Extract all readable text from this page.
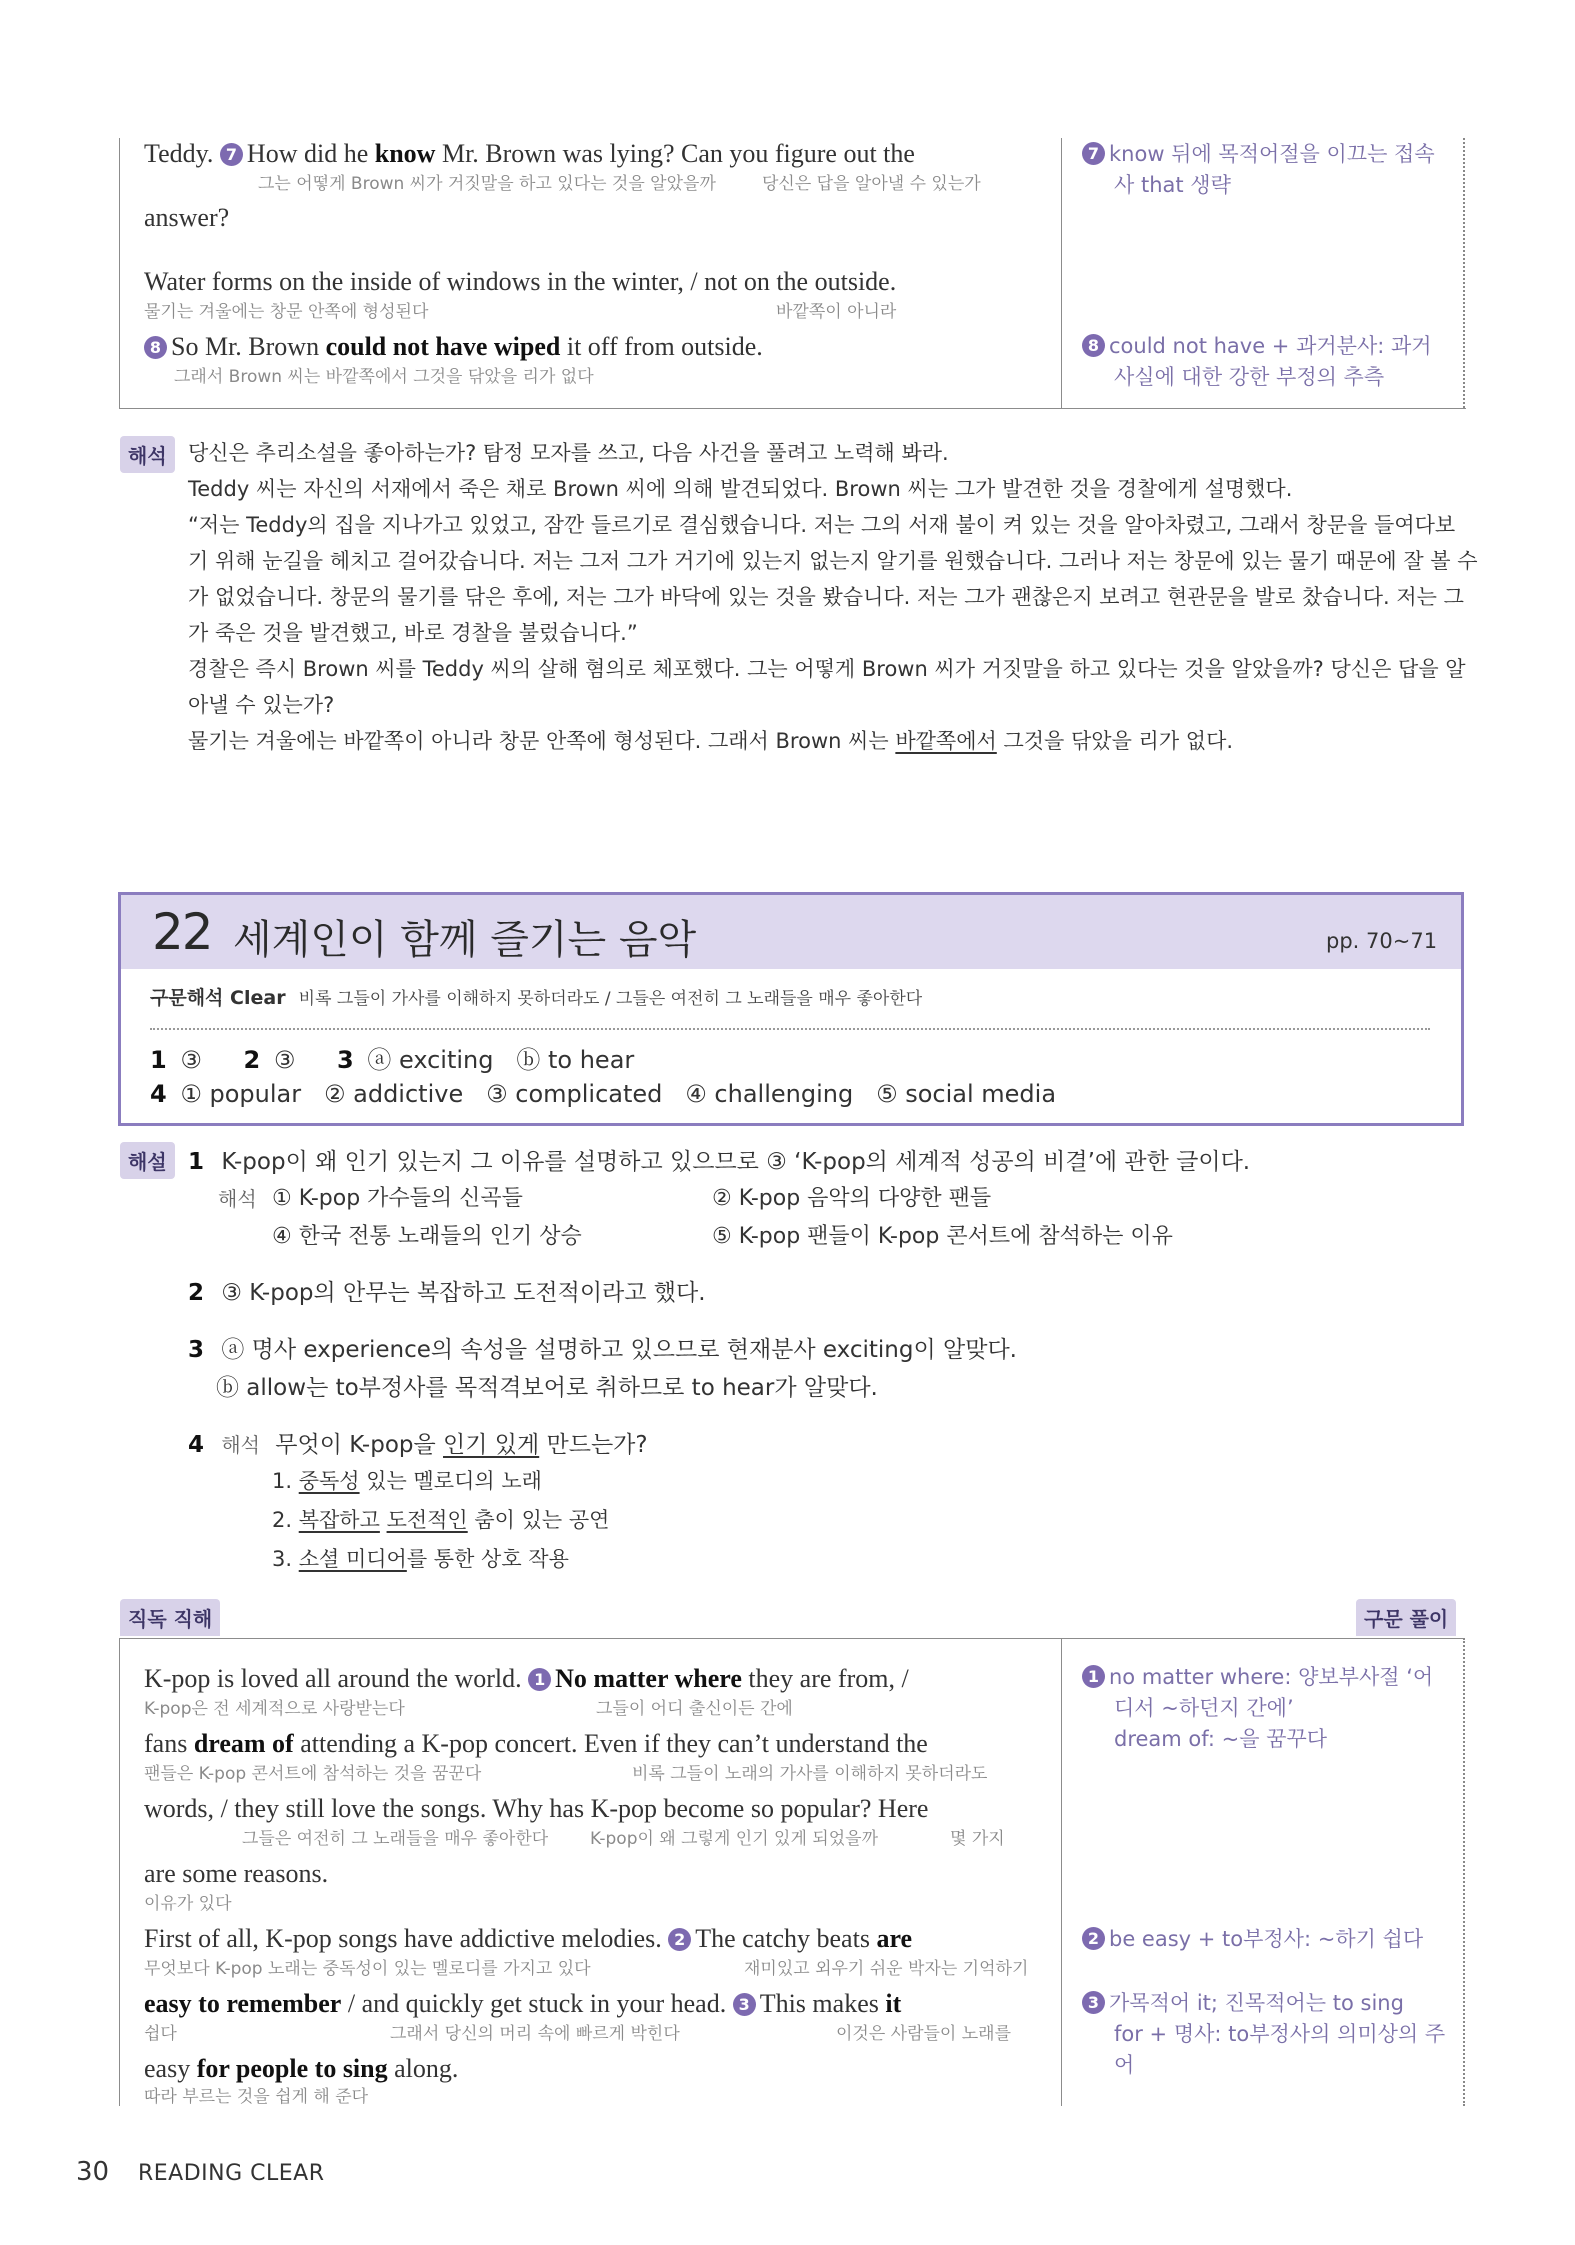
Teddy. 7 How did he know Mr. Brown was lying? Can you figure out the
그는 어떻게 Brown 씨가 거짓말을 하고 있다는 것을 알았을까	당신은 답을 알아낼 수 있는가
answer?
Water forms on the inside of windows in the winter, / not on the outside.
물기는 겨울에는 창문 안쪽에 형성된다	바깥쪽이 아니라
8 So Mr. Brown could not have wiped it off from outside.
그래서 Brown 씨는 바깥쪽에서 그것을 닦았을 리가 없다
7 know 뒤에 목적어절을 이끄는 접속
사 that 생략
8 could not have + 과거분사: 과거
사실에 대한 강한 부정의 추측
해석	당신은 추리소설을 좋아하는가? 탐정 모자를 쓰고, 다음 사건을 풀려고 노력해 봐라.
Teddy 씨는 자신의 서재에서 죽은 채로 Brown 씨에 의해 발견되었다. Brown 씨는 그가 발견한 것을 경찰에게 설명했다.
“저는 Teddy의 집을 지나가고 있었고, 잠깐 들르기로 결심했습니다. 저는 그의 서재 불이 켜 있는 것을 알아차렸고, 그래서 창문을 들여다보
기 위해 눈길을 헤치고 걸어갔습니다. 저는 그저 그가 거기에 있는지 없는지 알기를 원했습니다. 그러나 저는 창문에 있는 물기 때문에 잘 볼 수
가 없었습니다. 창문의 물기를 닦은 후에, 저는 그가 바닥에 있는 것을 봤습니다. 저는 그가 괜찮은지 보려고 현관문을 발로 찼습니다. 저는 그
가 죽은 것을 발견했고, 바로 경찰을 불렀습니다.”
경찰은 즉시 Brown 씨를 Teddy 씨의 살해 혐의로 체포했다. 그는 어떻게 Brown 씨가 거짓말을 하고 있다는 것을 알았을까? 당신은 답을 알
아낼 수 있는가?
물기는 겨울에는 바깥쪽이 아니라 창문 안쪽에 형성된다. 그래서 Brown 씨는 바깥쪽에서 그것을 닦았을 리가 없다.
22 세계인이 함께 즐기는 음악	pp. 70~71
구문해석 Clear 비록 그들이 가사를 이해하지 못하더라도 / 그들은 여전히 그 노래들을 매우 좋아한다
1 ③ 2 ③ 3 ⓐ exciting   ⓑ to hear
4 ① popular   ② addictive   ③ complicated   ④ challenging   ⑤ social media
해설 1 K-pop이 왜 인기 있는지 그 이유를 설명하고 있으므로 ③ ‘K-pop의 세계적 성공의 비결’에 관한 글이다.
해석 ① K-pop 가수들의 신곡들	② K-pop 음악의 다양한 팬들
④ 한국 전통 노래들의 인기 상승	⑤ K-pop 팬들이 K-pop 콘서트에 참석하는 이유
2 ③ K-pop의 안무는 복잡하고 도전적이라고 했다.
3 ⓐ 명사 experience의 속성을 설명하고 있으므로 현재분사 exciting이 알맞다.
ⓑ allow는 to부정사를 목적격보어로 취하므로 to hear가 알맞다.
4 해석 무엇이 K-pop을 인기 있게 만드는가?
1. 중독성 있는 멜로디의 노래
2. 복잡하고 도전적인 춤이 있는 공연
3. 소셜 미디어를 통한 상호 작용
직독 직해	구문 풀이
K-pop is loved all around the world. 1 No matter where they are from, /
K-pop은 전 세계적으로 사랑받는다	그들이 어디 출신이든 간에
fans dream of attending a K-pop concert. Even if they can’t understand the
팬들은 K-pop 콘서트에 참석하는 것을 꿈꾼다	비록 그들이 노래의 가사를 이해하지 못하더라도
words, / they still love the songs. Why has K-pop become so popular? Here
그들은 여전히 그 노래들을 매우 좋아한다 K-pop이 왜 그렇게 인기 있게 되었을까	몇 가지
are some reasons.
이유가 있다
First of all, K-pop songs have addictive melodies. 2 The catchy beats are
무엇보다 K-pop 노래는 중독성이 있는 멜로디를 가지고 있다	재미있고 외우기 쉬운 박자는 기억하기
easy to remember / and quickly get stuck in your head. 3 This makes it
쉽다	그래서 당신의 머리 속에 빠르게 박힌다	이것은 사람들이 노래를
easy for people to sing along.
따라 부르는 것을 쉽게 해 준다
1 no matter where: 양보부사절 ‘어
디서 ~하던지 간에’
dream of: ~을 꿈꾸다
2 be easy + to부정사: ~하기 쉽다
3 가목적어 it; 진목적어는 to sing
for + 명사: to부정사의 의미상의 주
어
30 READING CLEAR
